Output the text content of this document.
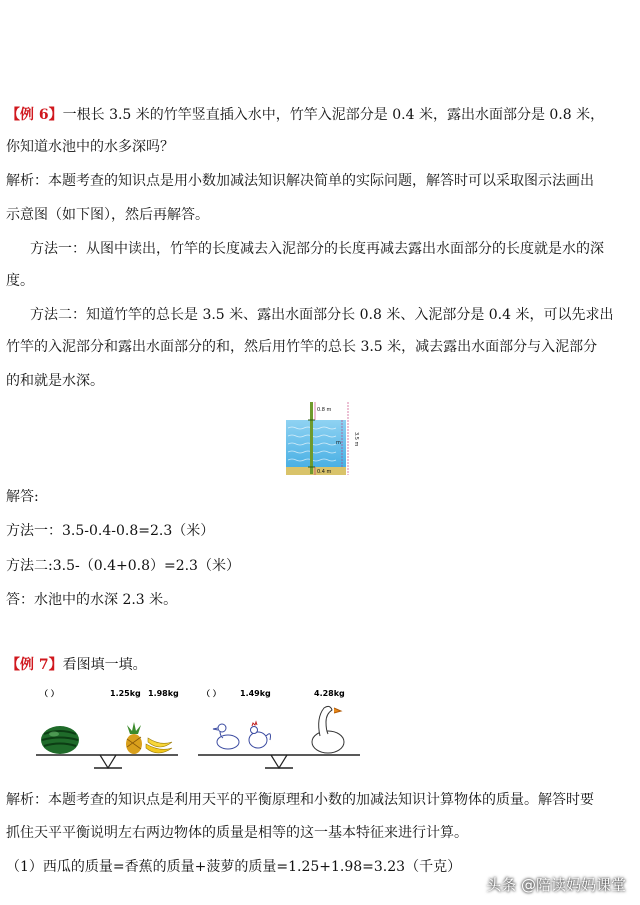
【例 6】一根长 3.5 米的竹竿竖直插入水中，竹竿入泥部分是 0.4 米，露出水面部分是 0.8 米，
你知道水池中的水多深吗？
解析：本题考查的知识点是用小数加减法知识解决简单的实际问题，解答时可以采取图示法画出
示意图（如下图），然后再解答。
方法一：从图中读出，竹竿的长度减去入泥部分的长度再减去露出水面部分的长度就是水的深
度。
方法二：知道竹竿的总长是 3.5 米、露出水面部分长 0.8 米、入泥部分是 0.4 米，可以先求出
竹竿的入泥部分和露出水面部分的和，然后用竹竿的总长 3.5 米，减去露出水面部分与入泥部分
的和就是水深。
0.8 m
m 3.5 m
0.4 m
解答:
方法一：3.5-0.4-0.8=2.3（米）
方法二:3.5-（0.4+0.8）=2.3（米）
答：水池中的水深 2.3 米。
【例 7】看图填一填。
（ ）	1.25kg 1.98kg	（ ） 1.49kg	4.28kg
解析：本题考查的知识点是利用天平的平衡原理和小数的加减法知识计算物体的质量。解答时要
抓住天平平衡说明左右两边物体的质量是相等的这一基本特征来进行计算。
（1）西瓜的质量=香蕉的质量+菠萝的质量=1.25+1.98=3.23（千克）
头条 @陪读妈妈课堂
